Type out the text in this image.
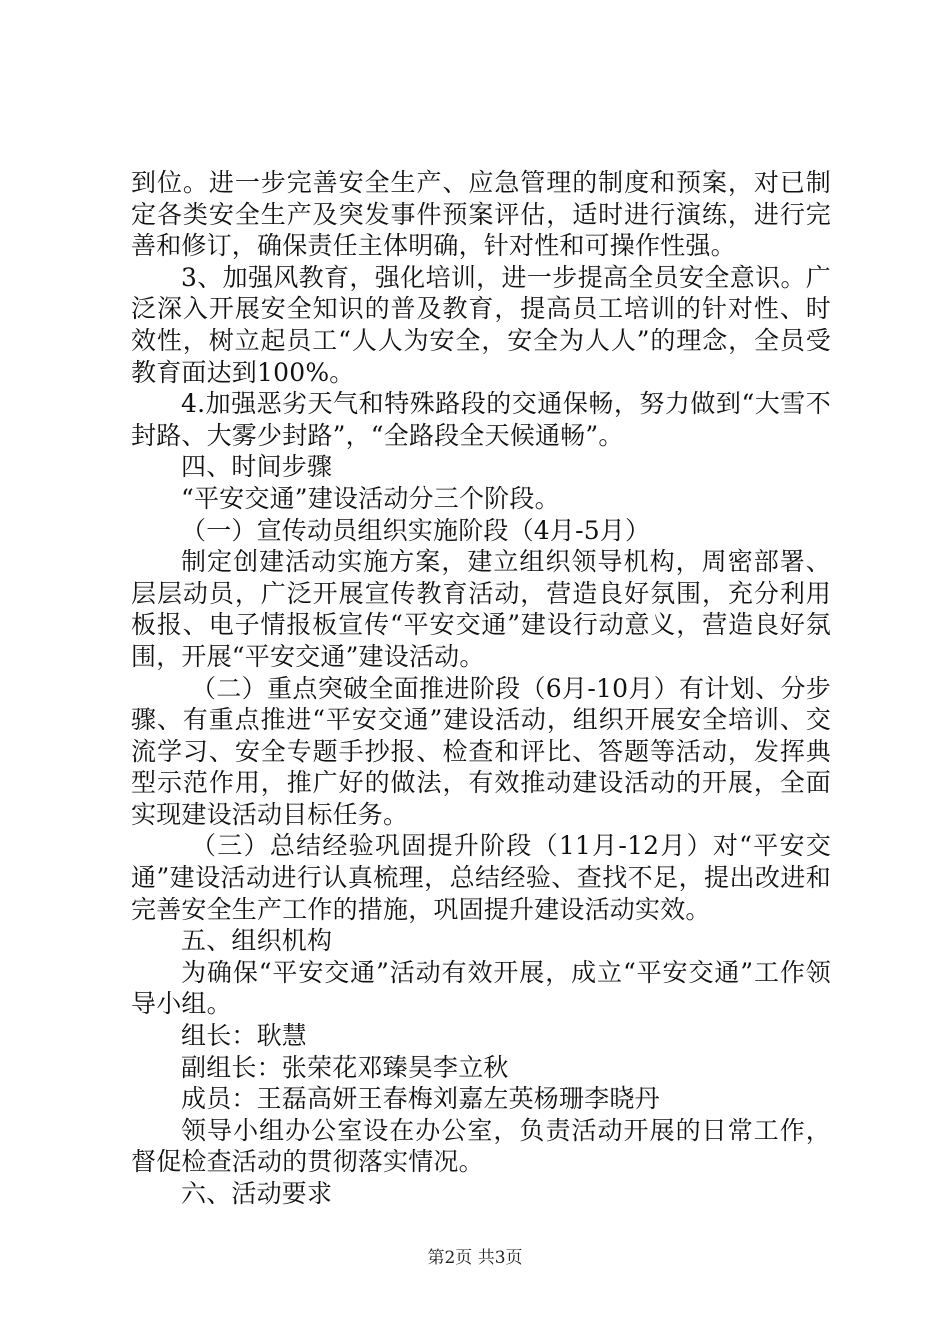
到位。进一步完善安全生产、应急管理的制度和预案，对已制定各类安全生产及突发事件预案评估，适时进行演练，进行完善和修订，确保责任主体明确，针对性和可操作性强。

3、加强风教育，强化培训，进一步提高全员安全意识。广泛深入开展安全知识的普及教育，提高员工培训的针对性、时效性，树立起员工“人人为安全，安全为人人”的理念，全员受教育面达到100%。

4.加强恶劣天气和特殊路段的交通保畅，努力做到“大雪不封路、大雾少封路”，“全路段全天候通畅”。

四、时间步骤

“平安交通”建设活动分三个阶段。

（一）宣传动员组织实施阶段（4月-5月）

制定创建活动实施方案，建立组织领导机构，周密部署、层层动员，广泛开展宣传教育活动，营造良好氛围，充分利用板报、电子情报板宣传“平安交通”建设行动意义，营造良好氛围，开展“平安交通”建设活动。

（二）重点突破全面推进阶段（6月-10月）有计划、分步骤、有重点推进“平安交通”建设活动，组织开展安全培训、交流学习、安全专题手抄报、检查和评比、答题等活动，发挥典型示范作用，推广好的做法，有效推动建设活动的开展，全面实现建设活动目标任务。

（三）总结经验巩固提升阶段（11月-12月）对“平安交通”建设活动进行认真梳理，总结经验、查找不足，提出改进和完善安全生产工作的措施，巩固提升建设活动实效。

五、组织机构

为确保“平安交通”活动有效开展，成立“平安交通”工作领导小组。

组长：耿慧

副组长：张荣花邓臻昊李立秋

成员：王磊高妍王春梅刘嘉左英杨珊李晓丹

领导小组办公室设在办公室，负责活动开展的日常工作，督促检查活动的贯彻落实情况。

六、活动要求

第2页 共3页
